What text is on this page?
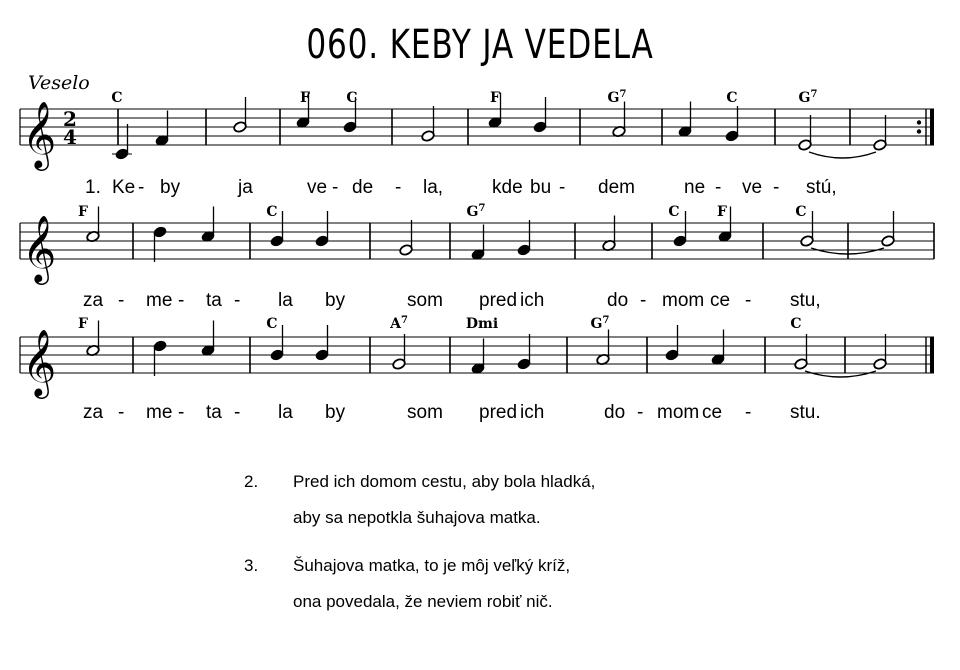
060. KEBY JA VEDELA
Veselo
𝄞 2
4
C	F	C	F	$G^7$	C	$G^7$
1. Ke - by	ja	ve - de - la,	kde bu - dem	ne - ve - stú,
𝄞
F	C	$G^7$	C	F	C
za - me - ta - la by	som pred ich	do - mom ce - stu,
𝄞
F	C	$A^7$	Dmi	$G^7$	C
za - me - ta - la by	som pred ich	do - mom ce - stu.
2. Pred ich domom cestu, aby bola hladká,
aby sa nepotkla šuhajova matka.
3. Šuhajova matka, to je môj veľký kríž,
ona povedala, že neviem robiť nič.
